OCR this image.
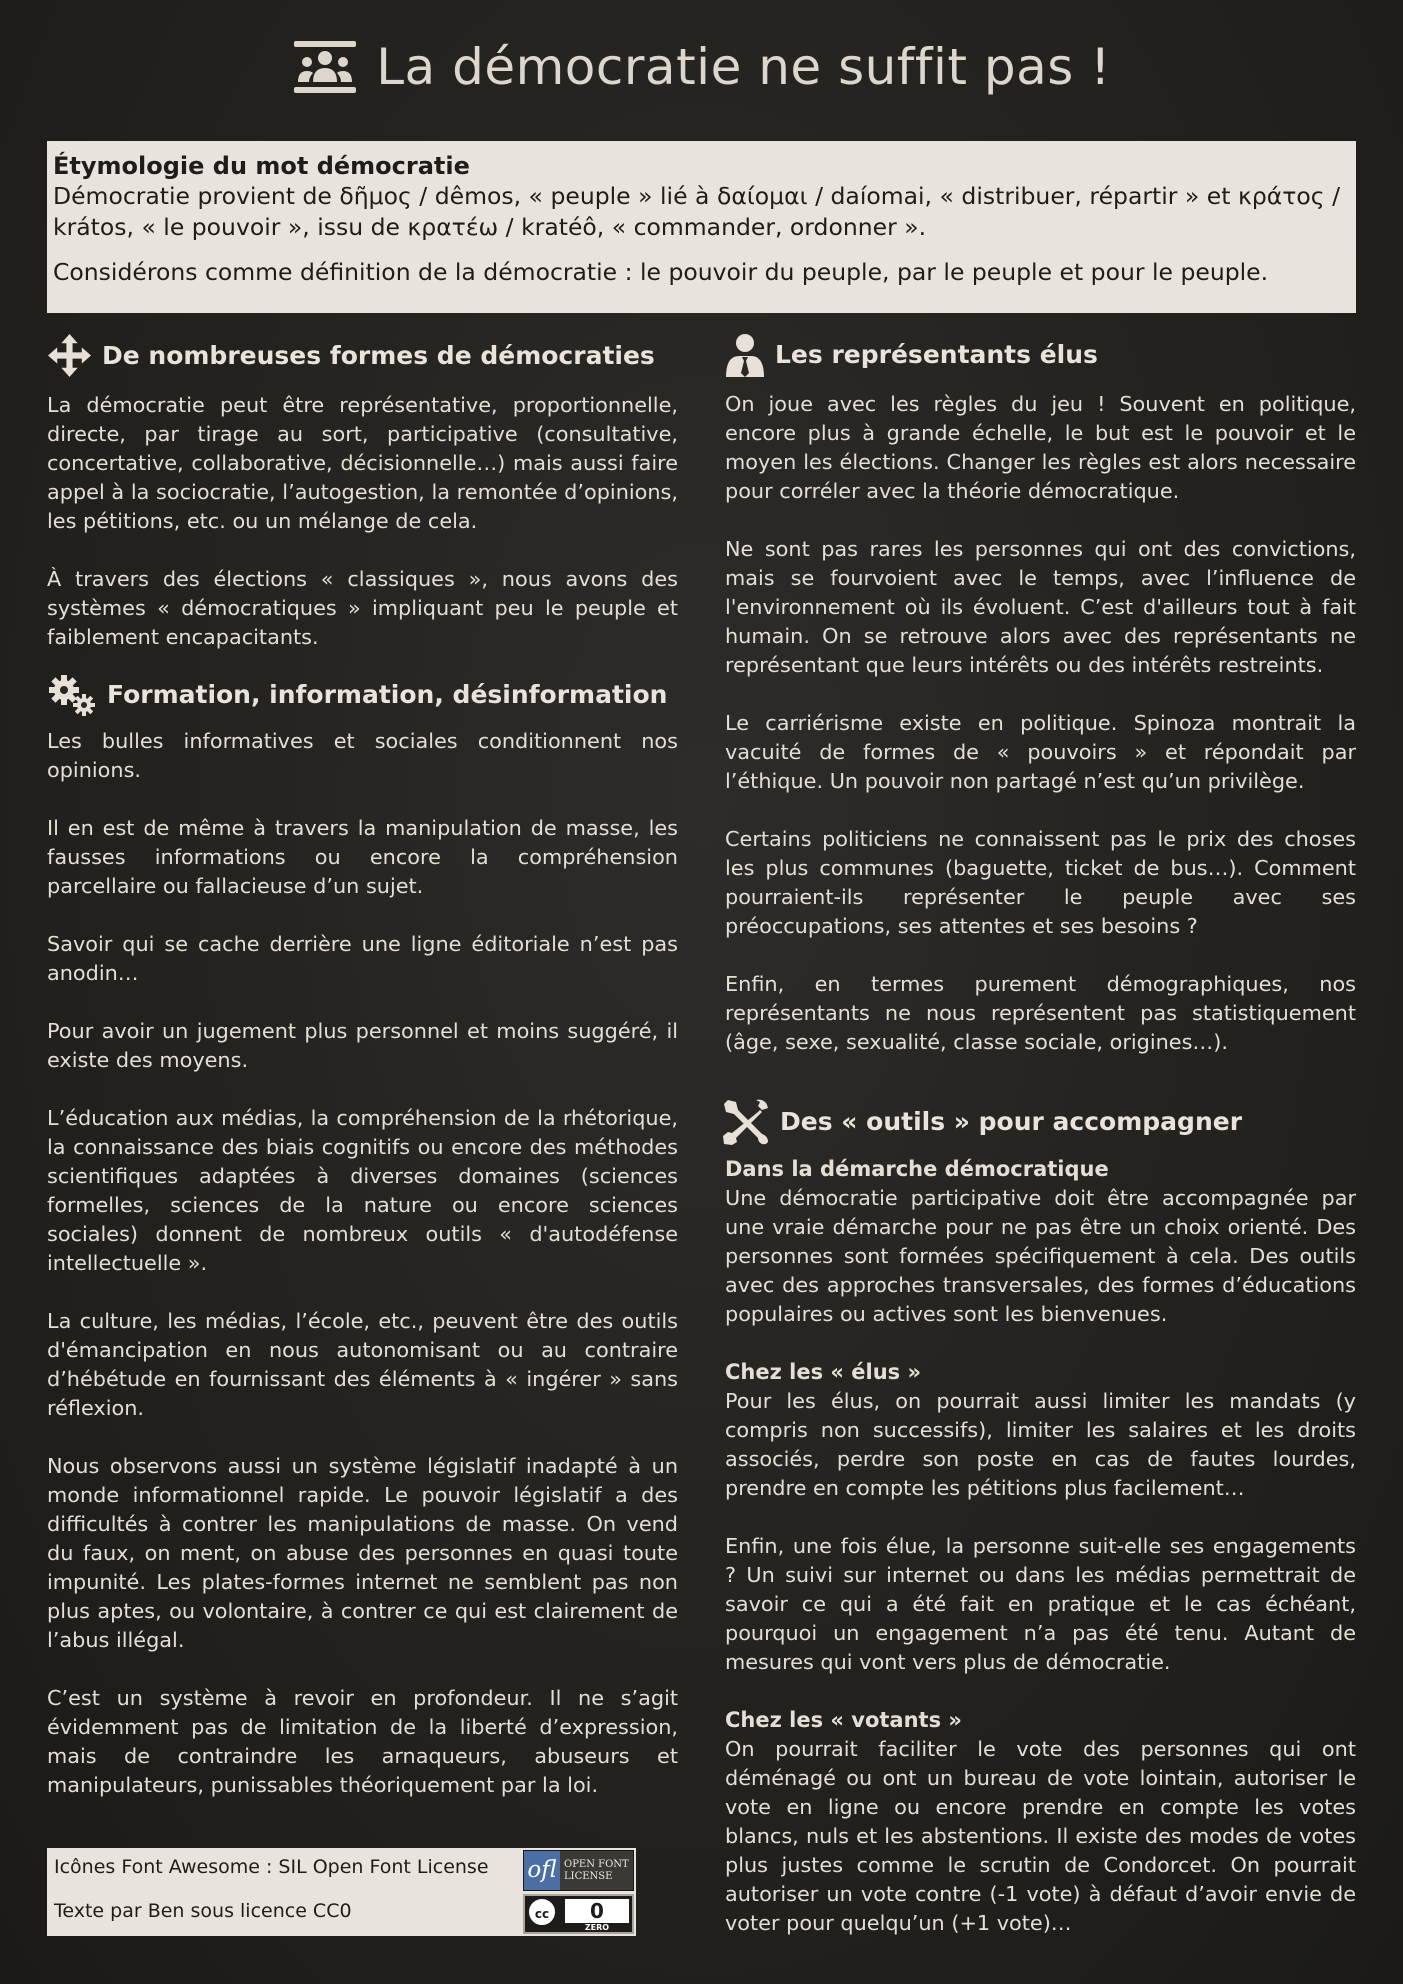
La démocratie ne suffit pas !
Étymologie du mot démocratie

Démocratie provient de δῆμος / dêmos, « peuple » lié à δαίομαι / daíomai, « distribuer, répartir » et κράτος / krátos, « le pouvoir », issu de κρατέω / kratéô, « commander, ordonner ».

Considérons comme définition de la démocratie : le pouvoir du peuple, par le peuple et pour le peuple.

De nombreuses formes de démocraties

La démocratie peut être représentative, proportionnelle, directe, par tirage au sort, participative (consultative, concertative, collaborative, décisionnelle…) mais aussi faire appel à la sociocratie, l’autogestion, la remontée d’opinions, les pétitions, etc. ou un mélange de cela.

À travers des élections « classiques », nous avons des systèmes « démocratiques » impliquant peu le peuple et faiblement encapacitants.

Formation, information, désinformation

Les bulles informatives et sociales conditionnent nos opinions.

Il en est de même à travers la manipulation de masse, les fausses informations ou encore la compréhension parcellaire ou fallacieuse d’un sujet.

Savoir qui se cache derrière une ligne éditoriale n’est pas anodin…

Pour avoir un jugement plus personnel et moins suggéré, il existe des moyens.

L’éducation aux médias, la compréhension de la rhétorique, la connaissance des biais cognitifs ou encore des méthodes scientifiques adaptées à diverses domaines (sciences formelles, sciences de la nature ou encore sciences sociales) donnent de nombreux outils « d'autodéfense intellectuelle ».

La culture, les médias, l’école, etc., peuvent être des outils d'émancipation en nous autonomisant ou au contraire d’hébétude en fournissant des éléments à « ingérer » sans réflexion.

Nous observons aussi un système législatif inadapté à un monde informationnel rapide. Le pouvoir législatif a des difficultés à contrer les manipulations de masse. On vend du faux, on ment, on abuse des personnes en quasi toute impunité. Les plates-formes internet ne semblent pas non plus aptes, ou volontaire, à contrer ce qui est clairement de l’abus illégal.

C’est un système à revoir en profondeur. Il ne s’agit évidemment pas de limitation de la liberté d’expression, mais de contraindre les arnaqueurs, abuseurs et manipulateurs, punissables théoriquement par la loi.

Les représentants élus

On joue avec les règles du jeu ! Souvent en politique, encore plus à grande échelle, le but est le pouvoir et le moyen les élections. Changer les règles est alors necessaire pour corréler avec la théorie démocratique.

Ne sont pas rares les personnes qui ont des convictions, mais se fourvoient avec le temps, avec l’influence de l'environnement où ils évoluent. C’est d'ailleurs tout à fait humain. On se retrouve alors avec des représentants ne représentant que leurs intérêts ou des intérêts restreints.

Le carriérisme existe en politique. Spinoza montrait la vacuité de formes de « pouvoirs » et répondait par l’éthique. Un pouvoir non partagé n’est qu’un privilège.

Certains politiciens ne connaissent pas le prix des choses les plus communes (baguette, ticket de bus…). Comment pourraient-ils représenter le peuple avec ses préoccupations, ses attentes et ses besoins ?

Enfin, en termes purement démographiques, nos représentants ne nous représentent pas statistiquement (âge, sexe, sexualité, classe sociale, origines…).

Des « outils » pour accompagner
Dans la démarche démocratique

Une démocratie participative doit être accompagnée par une vraie démarche pour ne pas être un choix orienté. Des personnes sont formées spécifiquement à cela. Des outils avec des approches transversales, des formes d’éducations populaires ou actives sont les bienvenues.

Chez les « élus »

Pour les élus, on pourrait aussi limiter les mandats (y compris non successifs), limiter les salaires et les droits associés, perdre son poste en cas de fautes lourdes, prendre en compte les pétitions plus facilement…

Enfin, une fois élue, la personne suit-elle ses engagements ? Un suivi sur internet ou dans les médias permettrait de savoir ce qui a été fait en pratique et le cas échéant, pourquoi un engagement n’a pas été tenu. Autant de mesures qui vont vers plus de démocratie.

Chez les « votants »

On pourrait faciliter le vote des personnes qui ont déménagé ou ont un bureau de vote lointain, autoriser le vote en ligne ou encore prendre en compte les votes blancs, nuls et les abstentions. Il existe des modes de votes plus justes comme le scrutin de Condorcet. On pourrait autoriser un vote contre (-1 vote) à défaut d’avoir envie de voter pour quelqu’un (+1 vote)…

Icônes Font Awesome : SIL Open Font License
Texte par Ben sous licence CC0
ofl OPEN FONT
LICENSE
cc	0
ZERO
